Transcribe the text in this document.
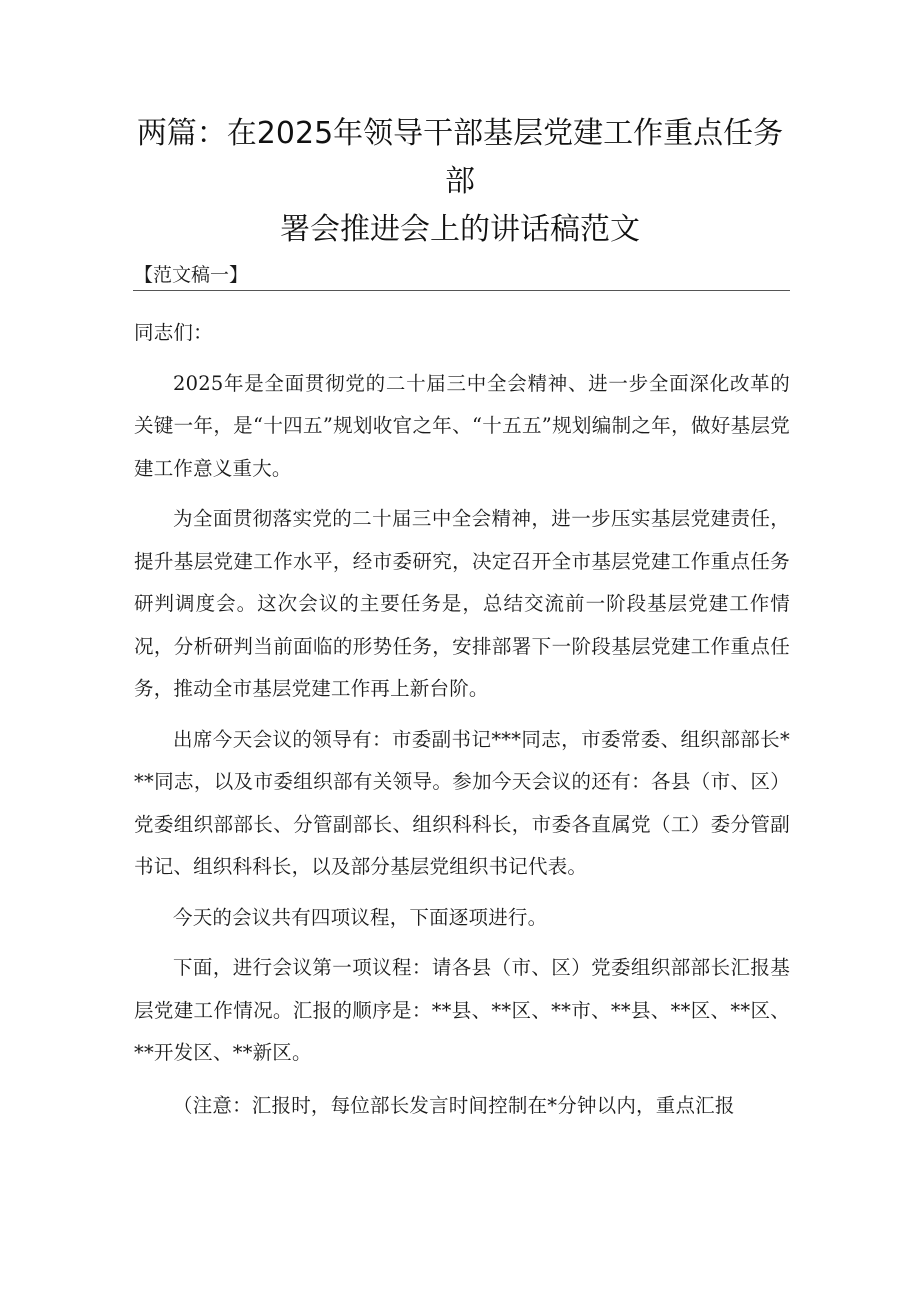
两篇：在2025年领导干部基层党建工作重点任务部
署会推进会上的讲话稿范文

【范文稿一】

同志们：

2025年是全面贯彻党的二十届三中全会精神、进一步全面深化改革的关键一年，是“十四五”规划收官之年、“十五五”规划编制之年，做好基层党建工作意义重大。

为全面贯彻落实党的二十届三中全会精神，进一步压实基层党建责任，提升基层党建工作水平，经市委研究，决定召开全市基层党建工作重点任务研判调度会。这次会议的主要任务是，总结交流前一阶段基层党建工作情况，分析研判当前面临的形势任务，安排部署下一阶段基层党建工作重点任务，推动全市基层党建工作再上新台阶。

出席今天会议的领导有：市委副书记***同志，市委常委、组织部部长***同志，以及市委组织部有关领导。参加今天会议的还有：各县（市、区）党委组织部部长、分管副部长、组织科科长，市委各直属党（工）委分管副书记、组织科科长，以及部分基层党组织书记代表。

今天的会议共有四项议程，下面逐项进行。

下面，进行会议第一项议程：请各县（市、区）党委组织部部长汇报基层党建工作情况。汇报的顺序是：**县、**区、**市、**县、**区、**区、**开发区、**新区。

（注意：汇报时，每位部长发言时间控制在*分钟以内，重点汇报
